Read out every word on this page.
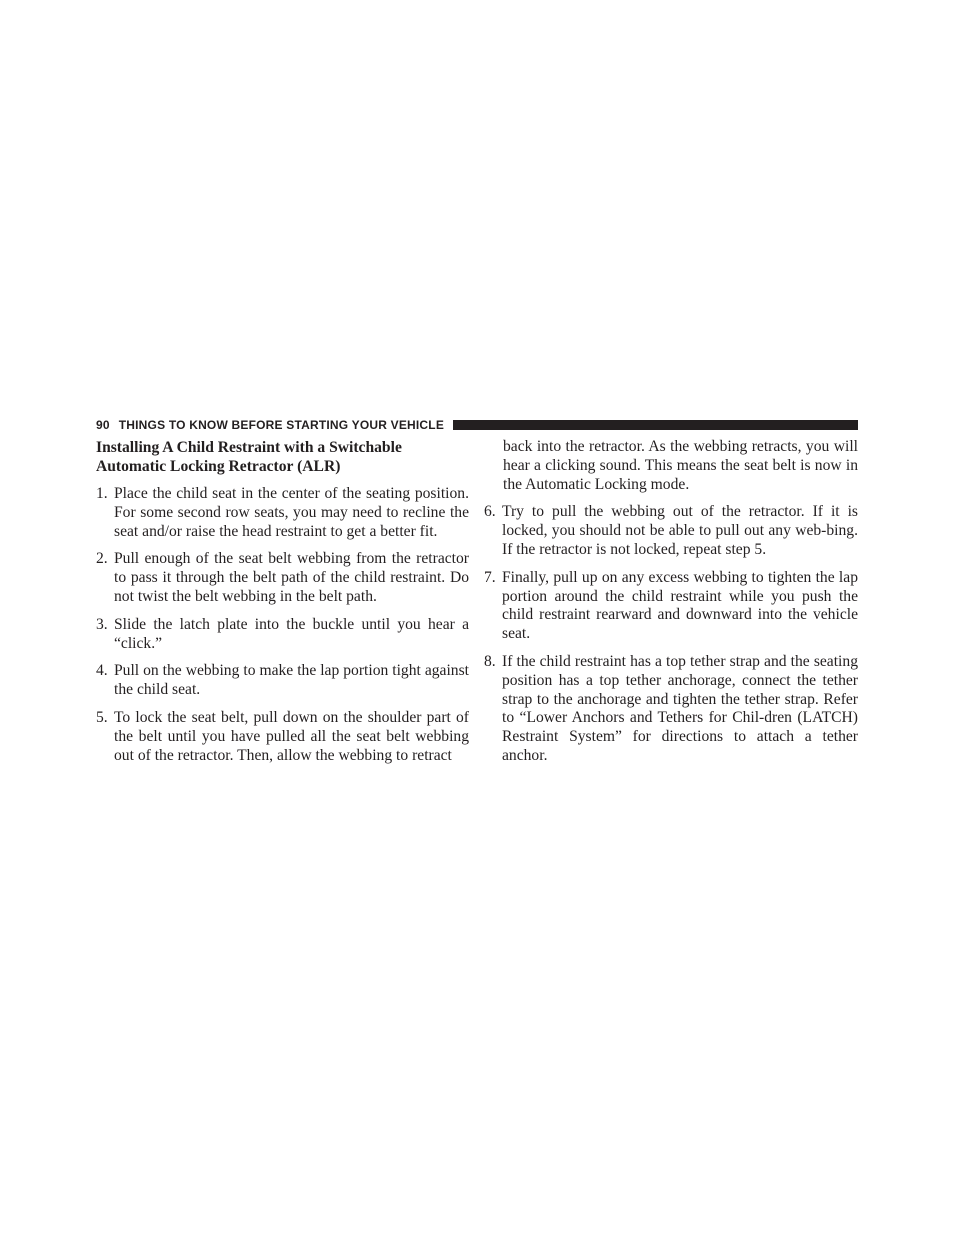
90 THINGS TO KNOW BEFORE STARTING YOUR VEHICLE
Installing A Child Restraint with a Switchable
Automatic Locking Retractor (ALR)
1. Place the child seat in the center of the seating position. For some second row seats, you may need to recline the seat and/or raise the head restraint to get a better fit.
2. Pull enough of the seat belt webbing from the retractor to pass it through the belt path of the child restraint. Do not twist the belt webbing in the belt path.
3. Slide the latch plate into the buckle until you hear a “click.”
4. Pull on the webbing to make the lap portion tight against the child seat.
5. To lock the seat belt, pull down on the shoulder part of the belt until you have pulled all the seat belt webbing out of the retractor. Then, allow the webbing to retract
back into the retractor. As the webbing retracts, you will hear a clicking sound. This means the seat belt is now in the Automatic Locking mode.
6. Try to pull the webbing out of the retractor. If it is locked, you should not be able to pull out any web-bing. If the retractor is not locked, repeat step 5.
7. Finally, pull up on any excess webbing to tighten the lap portion around the child restraint while you push the child restraint rearward and downward into the vehicle seat.
8. If the child restraint has a top tether strap and the seating position has a top tether anchorage, connect the tether strap to the anchorage and tighten the tether strap. Refer to “Lower Anchors and Tethers for Chil-dren (LATCH) Restraint System” for directions to attach a tether anchor.
